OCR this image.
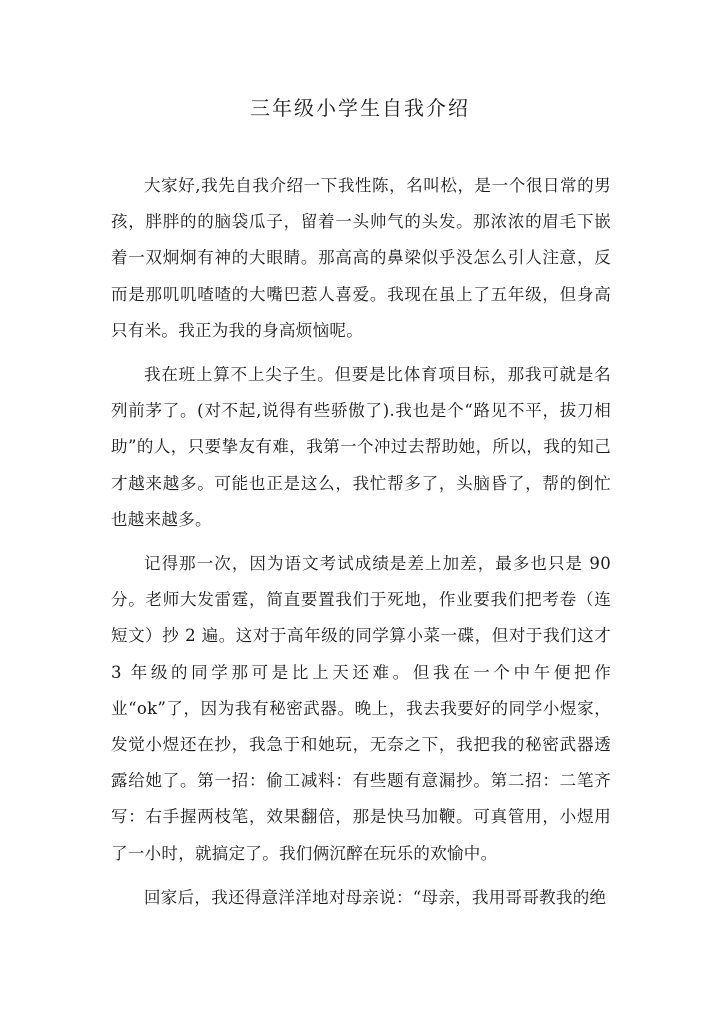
三年级小学生自我介绍

大家好,我先自我介绍一下我性陈，名叫松，是一个很日常的男孩，胖胖的的脑袋瓜子，留着一头帅气的头发。那浓浓的眉毛下嵌着一双炯炯有神的大眼睛。那高高的鼻梁似乎没怎么引人注意，反而是那叽叽喳喳的大嘴巴惹人喜爱。我现在虽上了五年级，但身高只有米。我正为我的身高烦恼呢。

我在班上算不上尖子生。但要是比体育项目标，那我可就是名列前茅了。(对不起,说得有些骄傲了).我也是个“路见不平，拔刀相助”的人，只要挚友有难，我第一个冲过去帮助她，所以，我的知己才越来越多。可能也正是这么，我忙帮多了，头脑昏了，帮的倒忙也越来越多。

记得那一次，因为语文考试成绩是差上加差，最多也只是 90 分。老师大发雷霆，简直要置我们于死地，作业要我们把考卷（连短文）抄 2 遍。这对于高年级的同学算小菜一碟，但对于我们这才 3 年级的同学那可是比上天还难。但我在一个中午便把作业“ok”了，因为我有秘密武器。晚上，我去我要好的同学小煜家，发觉小煜还在抄，我急于和她玩，无奈之下，我把我的秘密武器透露给她了。第一招：偷工减料：有些题有意漏抄。第二招：二笔齐写：右手握两枝笔，效果翻倍，那是快马加鞭。可真管用，小煜用了一小时，就搞定了。我们俩沉醉在玩乐的欢愉中。

回家后，我还得意洋洋地对母亲说：“母亲，我用哥哥教我的绝
